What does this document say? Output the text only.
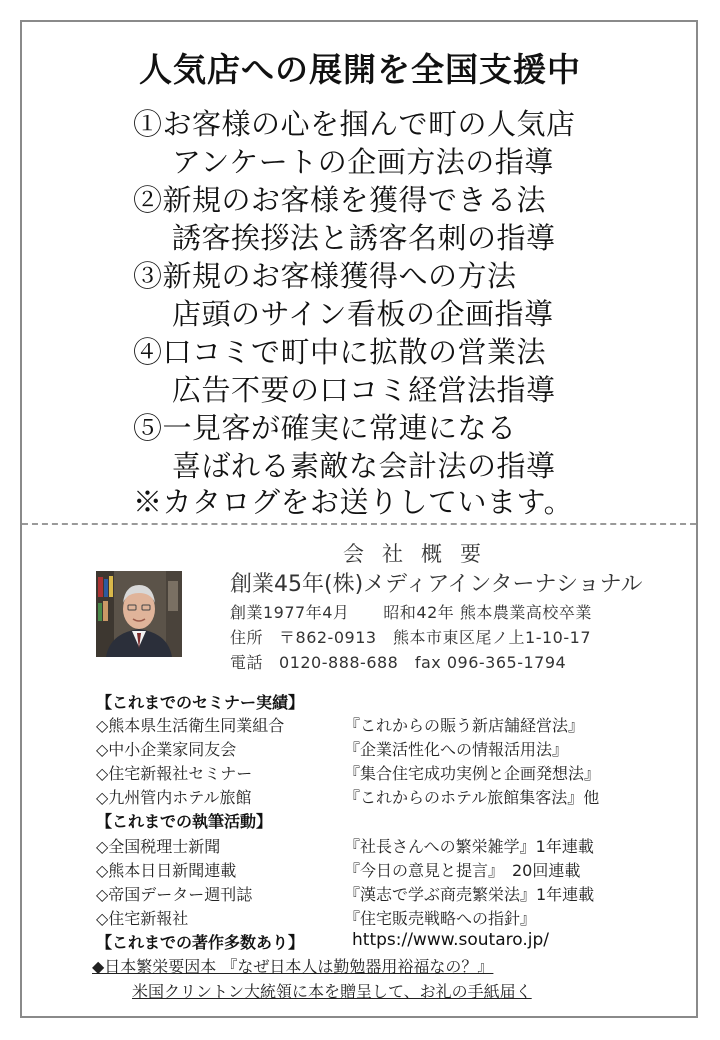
人気店への展開を全国支援中
①お客様の心を掴んで町の人気店
アンケートの企画方法の指導
②新規のお客様を獲得できる法
誘客挨拶法と誘客名刺の指導
③新規のお客様獲得への方法
店頭のサイン看板の企画指導
④口コミで町中に拡散の営業法
広告不要の口コミ経営法指導
⑤一見客が確実に常連になる
喜ばれる素敵な会計法の指導
※カタログをお送りしています。
会社概要
創業45年(株)メディアインターナショナル
創業1977年4月 昭和42年 熊本農業高校卒業
住所 〒862-0913　熊本市東区尾ノ上1-10-17
電話 0120-888-688　fax 096-365-1794
【これまでのセミナー実績】
◇熊本県生活衛生同業組合	『これからの賑う新店舗経営法』
◇中小企業家同友会	『企業活性化への情報活用法』
◇住宅新報社セミナー	『集合住宅成功実例と企画発想法』
◇九州管内ホテル旅館	『これからのホテル旅館集客法』他
【これまでの執筆活動】
◇全国税理士新聞	『社長さんへの繁栄雑学』1年連載
◇熊本日日新聞連載	『今日の意見と提言』　20回連載
◇帝国データー週刊誌	『漢志で学ぶ商売繁栄法』1年連載
◇住宅新報社	『住宅販売戦略への指針』
【これまでの著作多数あり】	https://www.soutaro.jp/
◆日本繁栄要因本 『なぜ日本人は勤勉器用裕福なの？』
米国クリントン大統領に本を贈呈して、お礼の手紙届く
